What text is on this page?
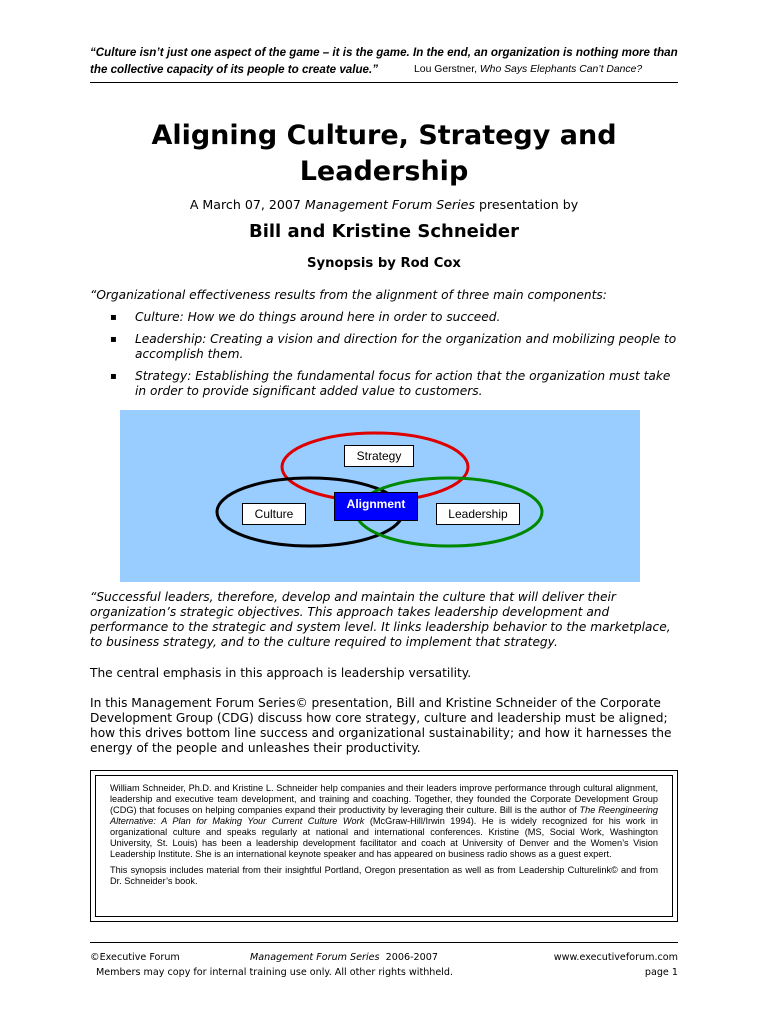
“Culture isn’t just one aspect of the game – it is the game. In the end, an organization is nothing more than
the collective capacity of its people to create value.”	Lou Gerstner, Who Says Elephants Can’t Dance?
Aligning Culture, Strategy and Leadership
A March 07, 2007 Management Forum Series presentation by
Bill and Kristine Schneider
Synopsis by Rod Cox
“Organizational effectiveness results from the alignment of three main components:
▪ Culture: How we do things around here in order to succeed.
▪ Leadership: Creating a vision and direction for the organization and mobilizing people to accomplish them.
▪ Strategy: Establishing the fundamental focus for action that the organization must take in order to provide significant added value to customers.
Strategy
Alignment
Culture	Leadership
“Successful leaders, therefore, develop and maintain the culture that will deliver their organization’s strategic objectives. This approach takes leadership development and performance to the strategic and system level. It links leadership behavior to the marketplace, to business strategy, and to the culture required to implement that strategy.
The central emphasis in this approach is leadership versatility.
In this Management Forum Series© presentation, Bill and Kristine Schneider of the Corporate Development Group (CDG) discuss how core strategy, culture and leadership must be aligned; how this drives bottom line success and organizational sustainability; and how it harnesses the energy of the people and unleashes their productivity.

William Schneider, Ph.D. and Kristine L. Schneider help companies and their leaders improve performance through cultural alignment, leadership and executive team development, and training and coaching. Together, they founded the Corporate Development Group (CDG) that focuses on helping companies expand their productivity by leveraging their culture. Bill is the author of The Reengineering Alternative: A Plan for Making Your Current Culture Work (McGraw-Hill/Irwin 1994). He is widely recognized for his work in organizational culture and speaks regularly at national and international conferences. Kristine (MS, Social Work, Washington University, St. Louis) has been a leadership development facilitator and coach at University of Denver and the Women’s Vision Leadership Institute. She is an international keynote speaker and has appeared on business radio shows as a guest expert.

This synopsis includes material from their insightful Portland, Oregon presentation as well as from Leadership Culturelink© and from Dr. Schneider’s book.

©Executive Forum	Management Forum Series 2006-2007	www.executiveforum.com
Members may copy for internal training use only. All other rights withheld.	page 1
